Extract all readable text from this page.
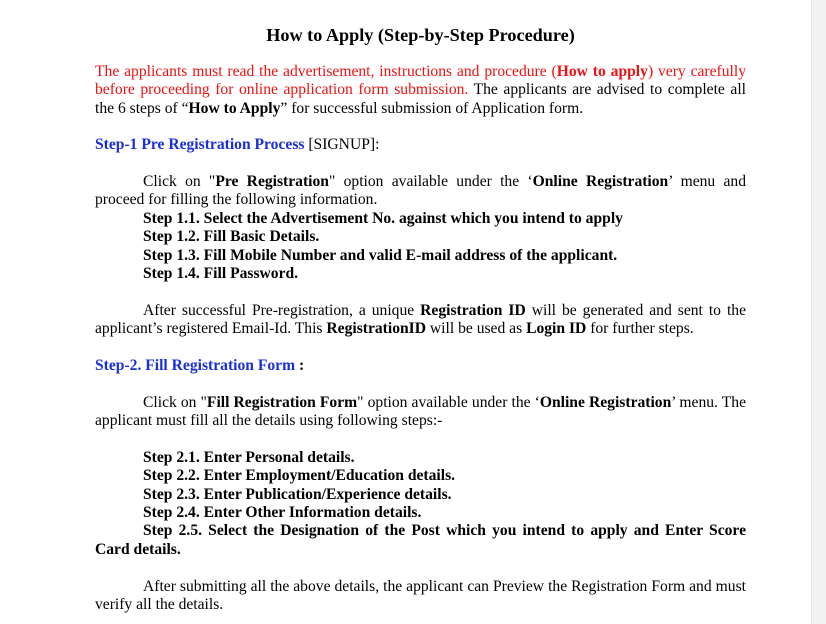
How to Apply (Step-by-Step Procedure)
The applicants must read the advertisement, instructions and procedure (How to apply) very carefully before proceeding for online application form submission. The applicants are advised to complete all the 6 steps of “How to Apply” for successful submission of Application form.
Step-1 Pre Registration Process [SIGNUP]:
Click on "Pre Registration" option available under the ‘Online Registration’ menu and proceed for filling the following information.
Step 1.1. Select the Advertisement No. against which you intend to apply
Step 1.2. Fill Basic Details.
Step 1.3. Fill Mobile Number and valid E-mail address of the applicant.
Step 1.4. Fill Password.
After successful Pre-registration, a unique Registration ID will be generated and sent to the applicant’s registered Email-Id. This RegistrationID will be used as Login ID for further steps.
Step-2. Fill Registration Form :
Click on "Fill Registration Form" option available under the ‘Online Registration’ menu. The applicant must fill all the details using following steps:-
Step 2.1. Enter Personal details.
Step 2.2. Enter Employment/Education details.
Step 2.3. Enter Publication/Experience details.
Step 2.4. Enter Other Information details.
Step 2.5. Select the Designation of the Post which you intend to apply and Enter Score
Card details.
After submitting all the above details, the applicant can Preview the Registration Form and must verify all the details.
